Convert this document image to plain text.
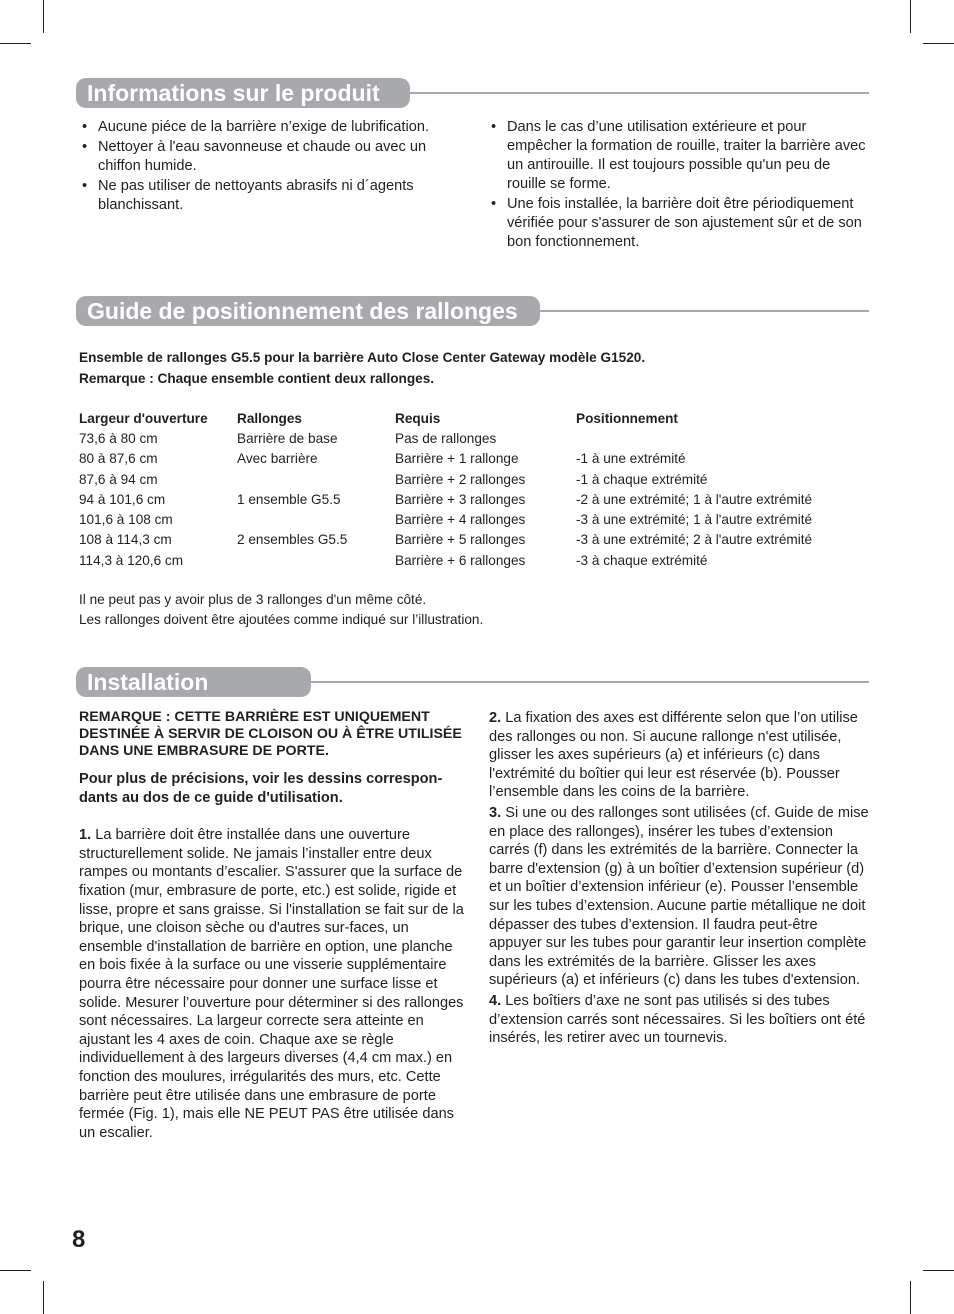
Informations sur le produit
• Aucune piéce de la barrière n’exige de lubrification.
• Nettoyer à l'eau savonneuse et chaude ou avec un chiffon humide.
• Ne pas utiliser de nettoyants abrasifs ni d´agents blanchissant.
• Dans le cas d’une utilisation extérieure et pour empêcher la formation de rouille, traiter la barrière avec un antirouille. Il est toujours possible qu'un peu de rouille se forme.
• Une fois installée, la barrière doit être périodiquement vérifiée pour s'assurer de son ajustement sûr et de son bon fonctionnement.
Guide de positionnement des rallonges
Ensemble de rallonges G5.5 pour la barrière Auto Close Center Gateway modèle G1520.
Remarque : Chaque ensemble contient deux rallonges.
Largeur d'ouverture	Rallonges	Requis	Positionnement
73,6 à 80 cm	Barrière de base	Pas de rallonges	
80 à 87,6 cm	Avec barrière	Barrière + 1 rallonge	-1 à une extrémité
87,6 à 94 cm		Barrière + 2 rallonges	-1 à chaque extrémité
94 à 101,6 cm	1 ensemble G5.5	Barrière + 3 rallonges	-2 à une extrémité; 1 à l'autre extrémité
101,6 à 108 cm		Barrière + 4 rallonges	-3 à une extrémité; 1 à l'autre extrémité
108 à 114,3 cm	2 ensembles G5.5	Barrière + 5 rallonges	-3 à une extrémité; 2 à l'autre extrémité
114,3 à 120,6 cm		Barrière + 6 rallonges	-3 à chaque extrémité
Il ne peut pas y avoir plus de 3 rallonges d'un même côté.
Les rallonges doivent être ajoutées comme indiqué sur l’illustration.
Installation

REMARQUE : CETTE BARRIÈRE EST UNIQUEMENT DESTINÉE À SERVIR DE CLOISON OU À ÊTRE UTILISÉE DANS UNE EMBRASURE DE PORTE.

Pour plus de précisions, voir les dessins correspon-dants au dos de ce guide d'utilisation.

1. La barrière doit être installée dans une ouverture structurellement solide. Ne jamais l’installer entre deux rampes ou montants d’escalier. S'assurer que la surface de fixation (mur, embrasure de porte, etc.) est solide, rigide et lisse, propre et sans graisse. Si l'installation se fait sur de la brique, une cloison sèche ou d'autres sur-faces, un ensemble d'installation de barrière en option, une planche en bois fixée à la surface ou une visserie supplémentaire pourra être nécessaire pour donner une surface lisse et solide. Mesurer l’ouverture pour déterminer si des rallonges sont nécessaires. La largeur correcte sera atteinte en ajustant les 4 axes de coin. Chaque axe se règle individuellement à des largeurs diverses (4,4 cm max.) en fonction des moulures, irrégularités des murs, etc. Cette barrière peut être utilisée dans une embrasure de porte fermée (Fig. 1), mais elle NE PEUT PAS être utilisée dans un escalier.

2. La fixation des axes est différente selon que l’on utilise des rallonges ou non. Si aucune rallonge n'est utilisée, glisser les axes supérieurs (a) et inférieurs (c) dans l'extrémité du boîtier qui leur est réservée (b). Pousser l’ensemble dans les coins de la barrière.

3. Si une ou des rallonges sont utilisées (cf. Guide de mise en place des rallonges), insérer les tubes d’extension carrés (f) dans les extrémités de la barrière. Connecter la barre d'extension (g) à un boîtier d’extension supérieur (d) et un boîtier d’extension inférieur (e). Pousser l’ensemble sur les tubes d’extension. Aucune partie métallique ne doit dépasser des tubes d’extension. Il faudra peut-être appuyer sur les tubes pour garantir leur insertion complète dans les extrémités de la barrière. Glisser les axes supérieurs (a) et inférieurs (c) dans les tubes d'extension.

4. Les boîtiers d’axe ne sont pas utilisés si des tubes d’extension carrés sont nécessaires. Si les boîtiers ont été insérés, les retirer avec un tournevis.

8
